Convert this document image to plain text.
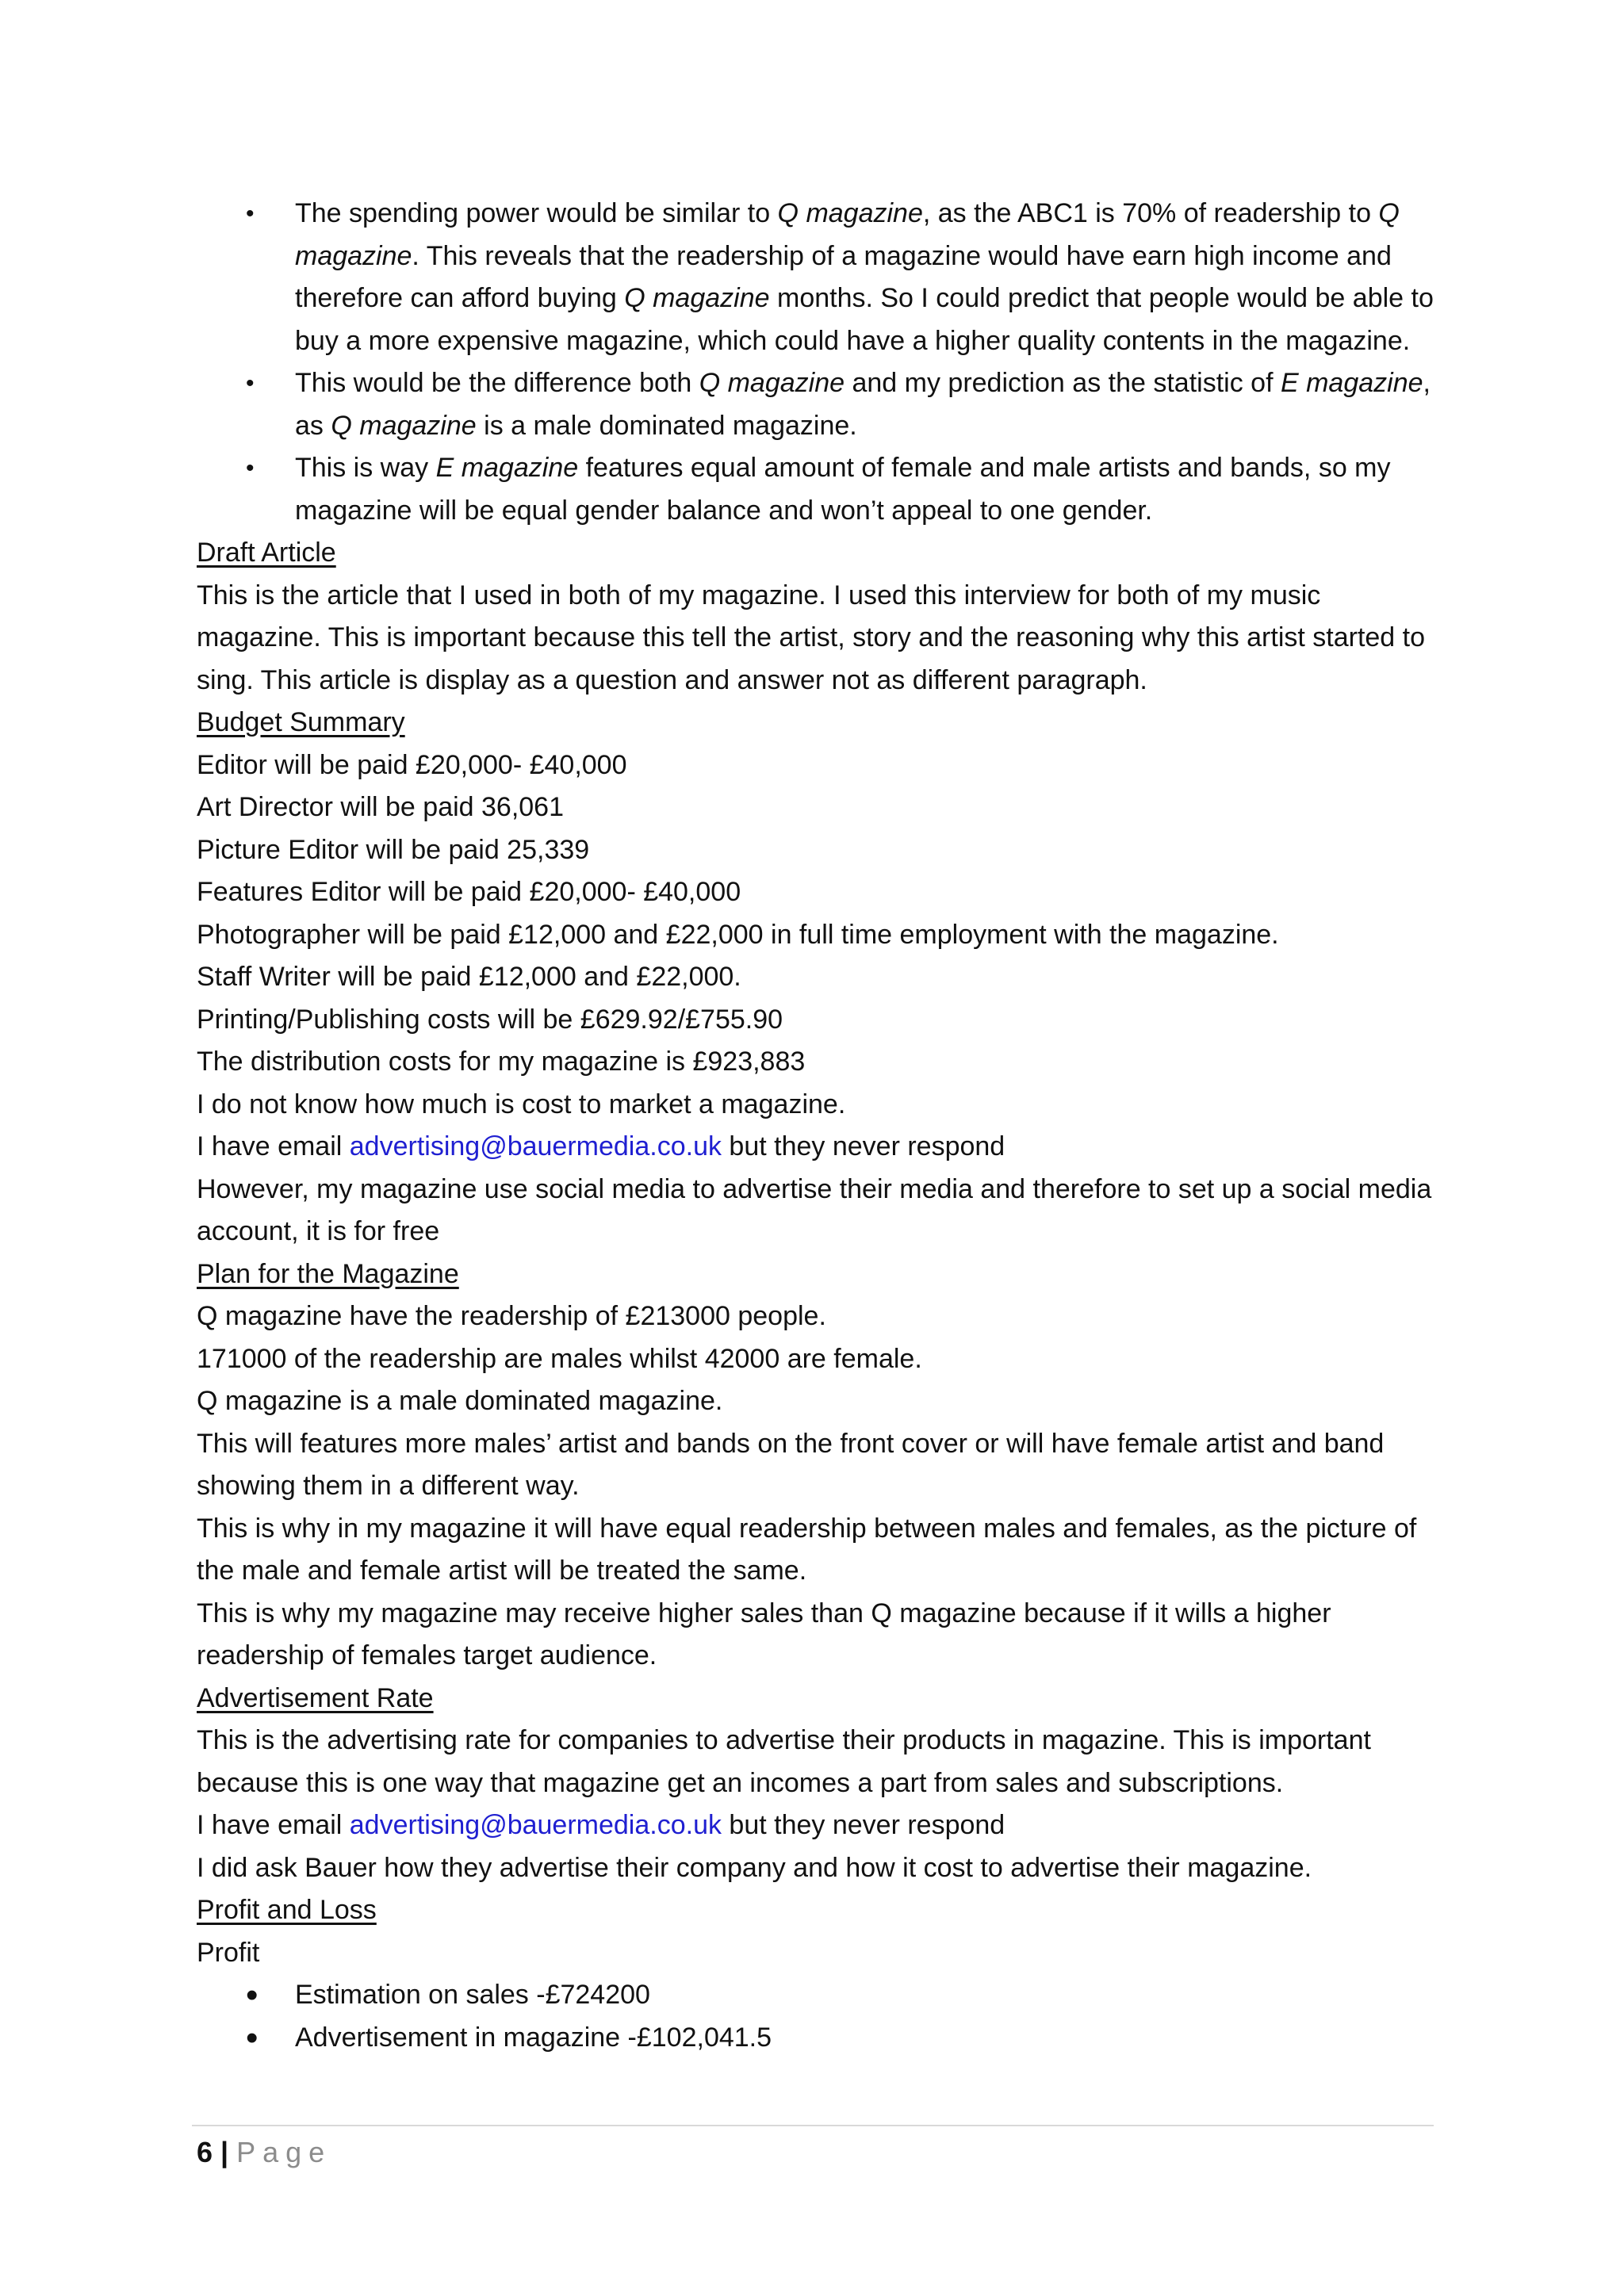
• The spending power would be similar to Q magazine, as the ABC1 is 70% of readership to Q magazine. This reveals that the readership of a magazine would have earn high income and therefore can afford buying Q magazine months. So I could predict that people would be able to buy a more expensive magazine, which could have a higher quality contents in the magazine.
• This would be the difference both Q magazine and my prediction as the statistic of E magazine, as Q magazine is a male dominated magazine.
• This is way E magazine features equal amount of female and male artists and bands, so my magazine will be equal gender balance and won’t appeal to one gender.

Draft Article

This is the article that I used in both of my magazine. I used this interview for both of my music magazine. This is important because this tell the artist, story and the reasoning why this artist started to sing. This article is display as a question and answer not as different paragraph.

Budget Summary

Editor will be paid £20,000- £40,000

Art Director will be paid 36,061

Picture Editor will be paid 25,339

Features Editor will be paid £20,000- £40,000

Photographer will be paid £12,000 and £22,000 in full time employment with the magazine.

Staff Writer will be paid £12,000 and £22,000.

Printing/Publishing costs will be £629.92/£755.90

The distribution costs for my magazine is £923,883

I do not know how much is cost to market a magazine.

I have email advertising@bauermedia.co.uk but they never respond

However, my magazine use social media to advertise their media and therefore to set up a social media account, it is for free

Plan for the Magazine

Q magazine have the readership of £213000 people.

171000 of the readership are males whilst 42000 are female.

Q magazine is a male dominated magazine.

This will features more males’ artist and bands on the front cover or will have female artist and band showing them in a different way.

This is why in my magazine it will have equal readership between males and females, as the picture of the male and female artist will be treated the same.

This is why my magazine may receive higher sales than Q magazine because if it wills a higher readership of females target audience.

Advertisement Rate

This is the advertising rate for companies to advertise their products in magazine. This is important because this is one way that magazine get an incomes a part from sales and subscriptions.

I have email advertising@bauermedia.co.uk but they never respond

I did ask Bauer how they advertise their company and how it cost to advertise their magazine.

Profit and Loss

Profit

• Estimation on sales -£724200
• Advertisement in magazine -£102,041.5
6 | Page
